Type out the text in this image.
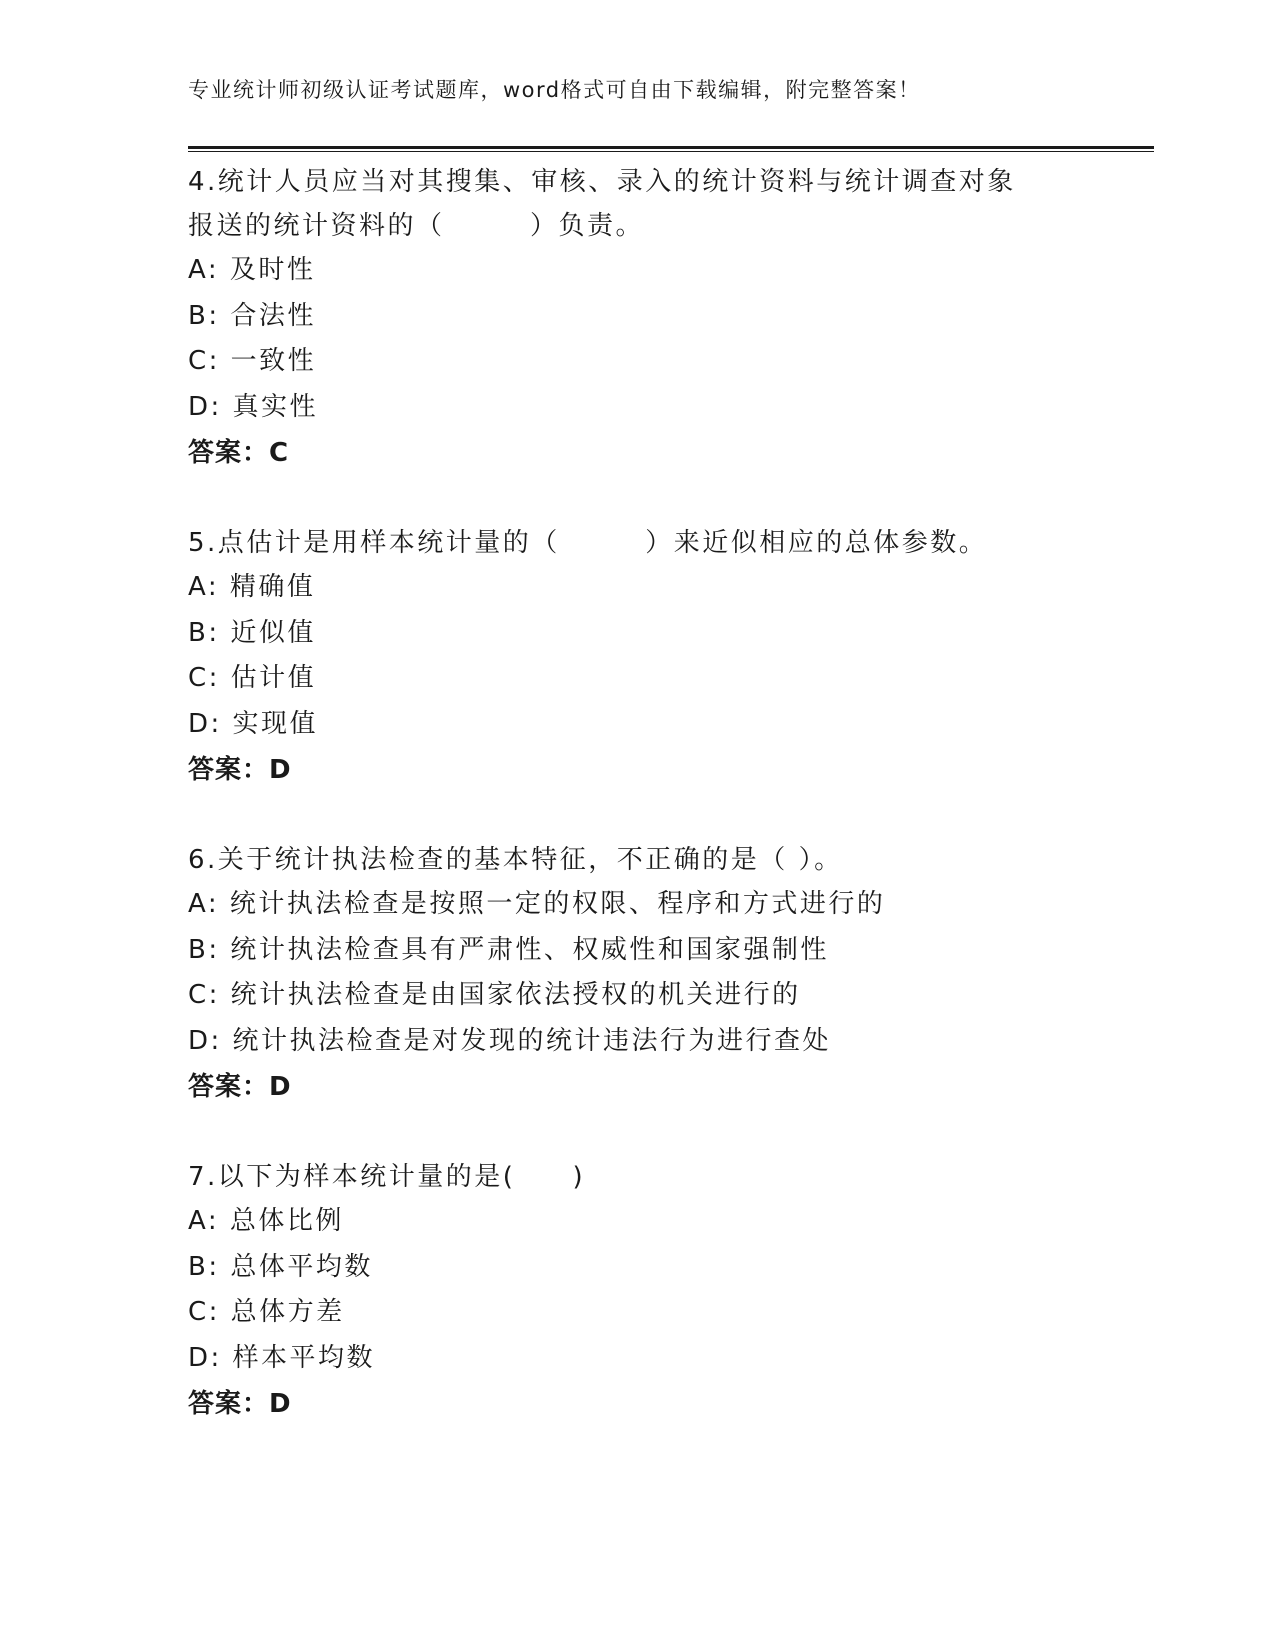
专业统计师初级认证考试题库，word格式可自由下载编辑，附完整答案！

4.统计人员应当对其搜集、审核、录入的统计资料与统计调查对象报送的统计资料的（　　　）负责。

A: 及时性

B: 合法性

C: 一致性

D: 真实性

答案：C

5.点估计是用样本统计量的（　　　）来近似相应的总体参数。

A: 精确值

B: 近似值

C: 估计值

D: 实现值

答案：D

6.关于统计执法检查的基本特征，不正确的是（ ）。

A: 统计执法检查是按照一定的权限、程序和方式进行的

B: 统计执法检查具有严肃性、权威性和国家强制性

C: 统计执法检查是由国家依法授权的机关进行的

D: 统计执法检查是对发现的统计违法行为进行查处

答案：D

7.以下为样本统计量的是(　　)

A: 总体比例

B: 总体平均数

C: 总体方差

D: 样本平均数

答案：D
